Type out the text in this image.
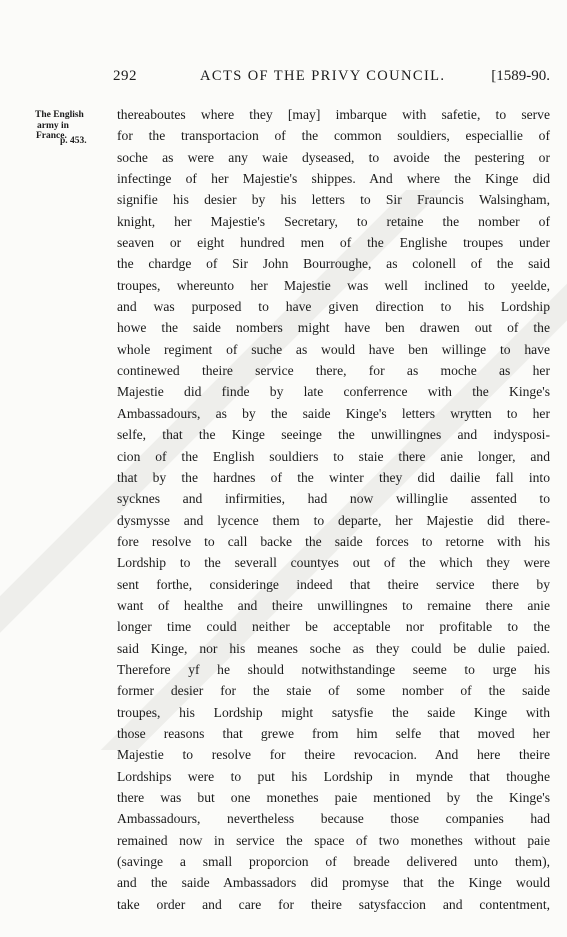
292	ACTS OF THE PRIVY COUNCIL.	[1589-90.
The English
army in
France.
p. 453.
thereaboutes where they [may] imbarque with safetie, to serve
for the transportacion of the common souldiers, especiallie of
soche as were any waie dyseased, to avoide the pestering or
infectinge of her Majestie's shippes. And where the Kinge did
signifie his desier by his letters to Sir Fraunciѕ Walsingham,
knight, her Majestie's Secretary, to retaine the nomber of
seaven or eight hundred men of the Englishe troupes under
the chardge of Sir John Bourroughe, as colonell of the said
troupes, whereunto her Majestie was well inclined to yeelde,
and was purposed to have given direction to his Lordship
howe the saide nombers might have ben drawen out of the
whole regiment of suche as would have ben willinge to have
continewed theire service there, for as moche as her
Majestie did finde by late conferrence with the Kinge's
Ambassadours, as by the saide Kinge's letters wrytten to her
selfe, that the Kinge seeinge the unwillingnes and indysposi-
cion of the English souldiers to staie there anie longer, and
that by the hardnes of the winter they did dailie fall into
sycknes and infirmities, had now willinglie assented to
dysmysse and lycence them to departe, her Majestie did there-
fore resolve to call backe the saide forces to retorne with his
Lordship to the severall countyes out of the which they were
sent forthe, consideringe indeed that theire service there by
want of healthe and theire unwillingnes to remaine there anie
longer time could neither be acceptable nor profitable to the
said Kinge, nor his meanes soche as they could be dulie paied.
Therefore yf he should notwithstandinge seeme to urge his
former desier for the staie of some nomber of the saide
troupes, his Lordship might satysfie the saide Kinge with
those reasons that grewe from him selfe that moved her
Majestie to resolve for theire revocacion. And here theire
Lordships were to put his Lordship in mynde that thoughe
there was but one monethes paie mentioned by the Kinge's
Ambassadours, nevertheless because those companies had
remained now in service the space of two monethes without paie
(savinge a small proporcion of breade delivered unto them),
and the saide Ambassadors did promyse that the Kinge would
take order and care for theire satysfaccion and contentment,
